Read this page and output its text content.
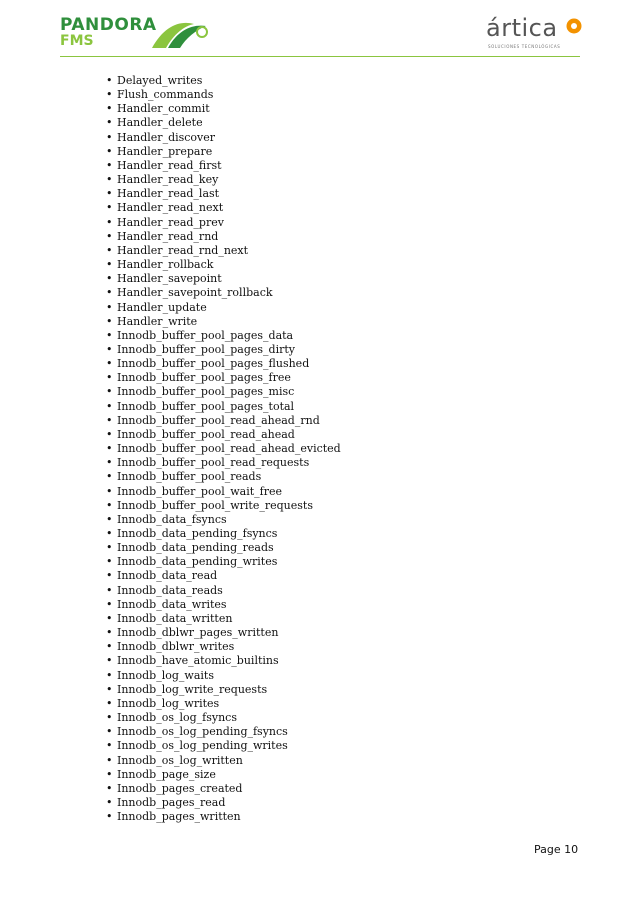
PANDORA
FMS	ártica
SOLUCIONES TECNOLÓGICAS
• Delayed_writes
• Flush_commands
• Handler_commit
• Handler_delete
• Handler_discover
• Handler_prepare
• Handler_read_first
• Handler_read_key
• Handler_read_last
• Handler_read_next
• Handler_read_prev
• Handler_read_rnd
• Handler_read_rnd_next
• Handler_rollback
• Handler_savepoint
• Handler_savepoint_rollback
• Handler_update
• Handler_write
• Innodb_buffer_pool_pages_data
• Innodb_buffer_pool_pages_dirty
• Innodb_buffer_pool_pages_flushed
• Innodb_buffer_pool_pages_free
• Innodb_buffer_pool_pages_misc
• Innodb_buffer_pool_pages_total
• Innodb_buffer_pool_read_ahead_rnd
• Innodb_buffer_pool_read_ahead
• Innodb_buffer_pool_read_ahead_evicted
• Innodb_buffer_pool_read_requests
• Innodb_buffer_pool_reads
• Innodb_buffer_pool_wait_free
• Innodb_buffer_pool_write_requests
• Innodb_data_fsyncs
• Innodb_data_pending_fsyncs
• Innodb_data_pending_reads
• Innodb_data_pending_writes
• Innodb_data_read
• Innodb_data_reads
• Innodb_data_writes
• Innodb_data_written
• Innodb_dblwr_pages_written
• Innodb_dblwr_writes
• Innodb_have_atomic_builtins
• Innodb_log_waits
• Innodb_log_write_requests
• Innodb_log_writes
• Innodb_os_log_fsyncs
• Innodb_os_log_pending_fsyncs
• Innodb_os_log_pending_writes
• Innodb_os_log_written
• Innodb_page_size
• Innodb_pages_created
• Innodb_pages_read
• Innodb_pages_written
Page 10
